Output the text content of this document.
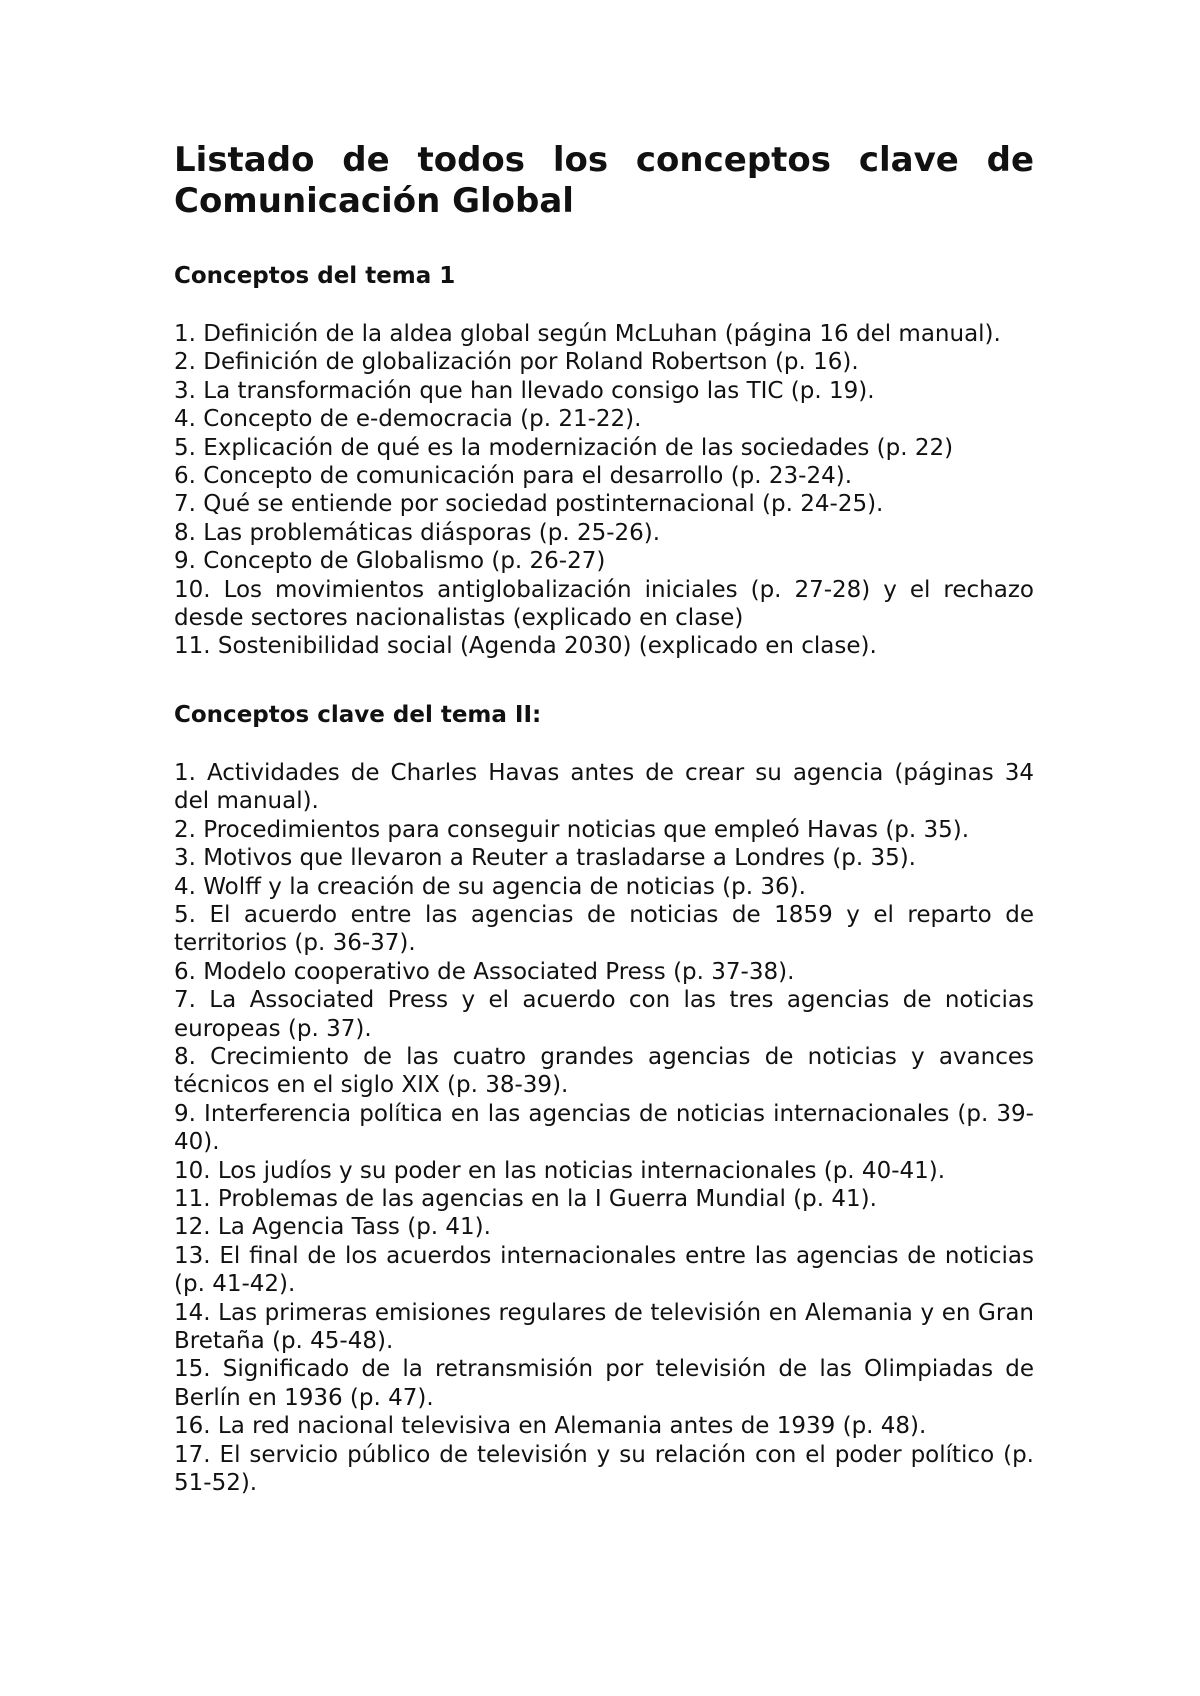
Listado de todos los conceptos clave de Comunicación Global
Conceptos del tema 1
1. Definición de la aldea global según McLuhan (página 16 del manual).
2. Definición de globalización por Roland Robertson (p. 16).
3. La transformación que han llevado consigo las TIC (p. 19).
4. Concepto de e-democracia (p. 21-22).
5. Explicación de qué es la modernización de las sociedades (p. 22)
6. Concepto de comunicación para el desarrollo (p. 23-24).
7. Qué se entiende por sociedad postinternacional (p. 24-25).
8. Las problemáticas diásporas (p. 25-26).
9. Concepto de Globalismo (p. 26-27)
10. Los movimientos antiglobalización iniciales (p. 27-28) y el rechazo desde sectores nacionalistas (explicado en clase)
11. Sostenibilidad social (Agenda 2030) (explicado en clase).
Conceptos clave del tema II:
1. Actividades de Charles Havas antes de crear su agencia (páginas 34 del manual).
2. Procedimientos para conseguir noticias que empleó Havas (p. 35).
3. Motivos que llevaron a Reuter a trasladarse a Londres (p. 35).
4. Wolff y la creación de su agencia de noticias (p. 36).
5. El acuerdo entre las agencias de noticias de 1859 y el reparto de territorios (p. 36-37).
6. Modelo cooperativo de Associated Press (p. 37-38).
7. La Associated Press y el acuerdo con las tres agencias de noticias europeas (p. 37).
8. Crecimiento de las cuatro grandes agencias de noticias y avances técnicos en el siglo XIX (p. 38-39).
9. Interferencia política en las agencias de noticias internacionales (p. 39-40).
10. Los judíos y su poder en las noticias internacionales (p. 40-41).
11. Problemas de las agencias en la I Guerra Mundial (p. 41).
12. La Agencia Tass (p. 41).
13. El final de los acuerdos internacionales entre las agencias de noticias (p. 41-42).
14. Las primeras emisiones regulares de televisión en Alemania y en Gran Bretaña (p. 45-48).
15. Significado de la retransmisión por televisión de las Olimpiadas de Berlín en 1936 (p. 47).
16. La red nacional televisiva en Alemania antes de 1939 (p. 48).
17. El servicio público de televisión y su relación con el poder político (p. 51-52).
